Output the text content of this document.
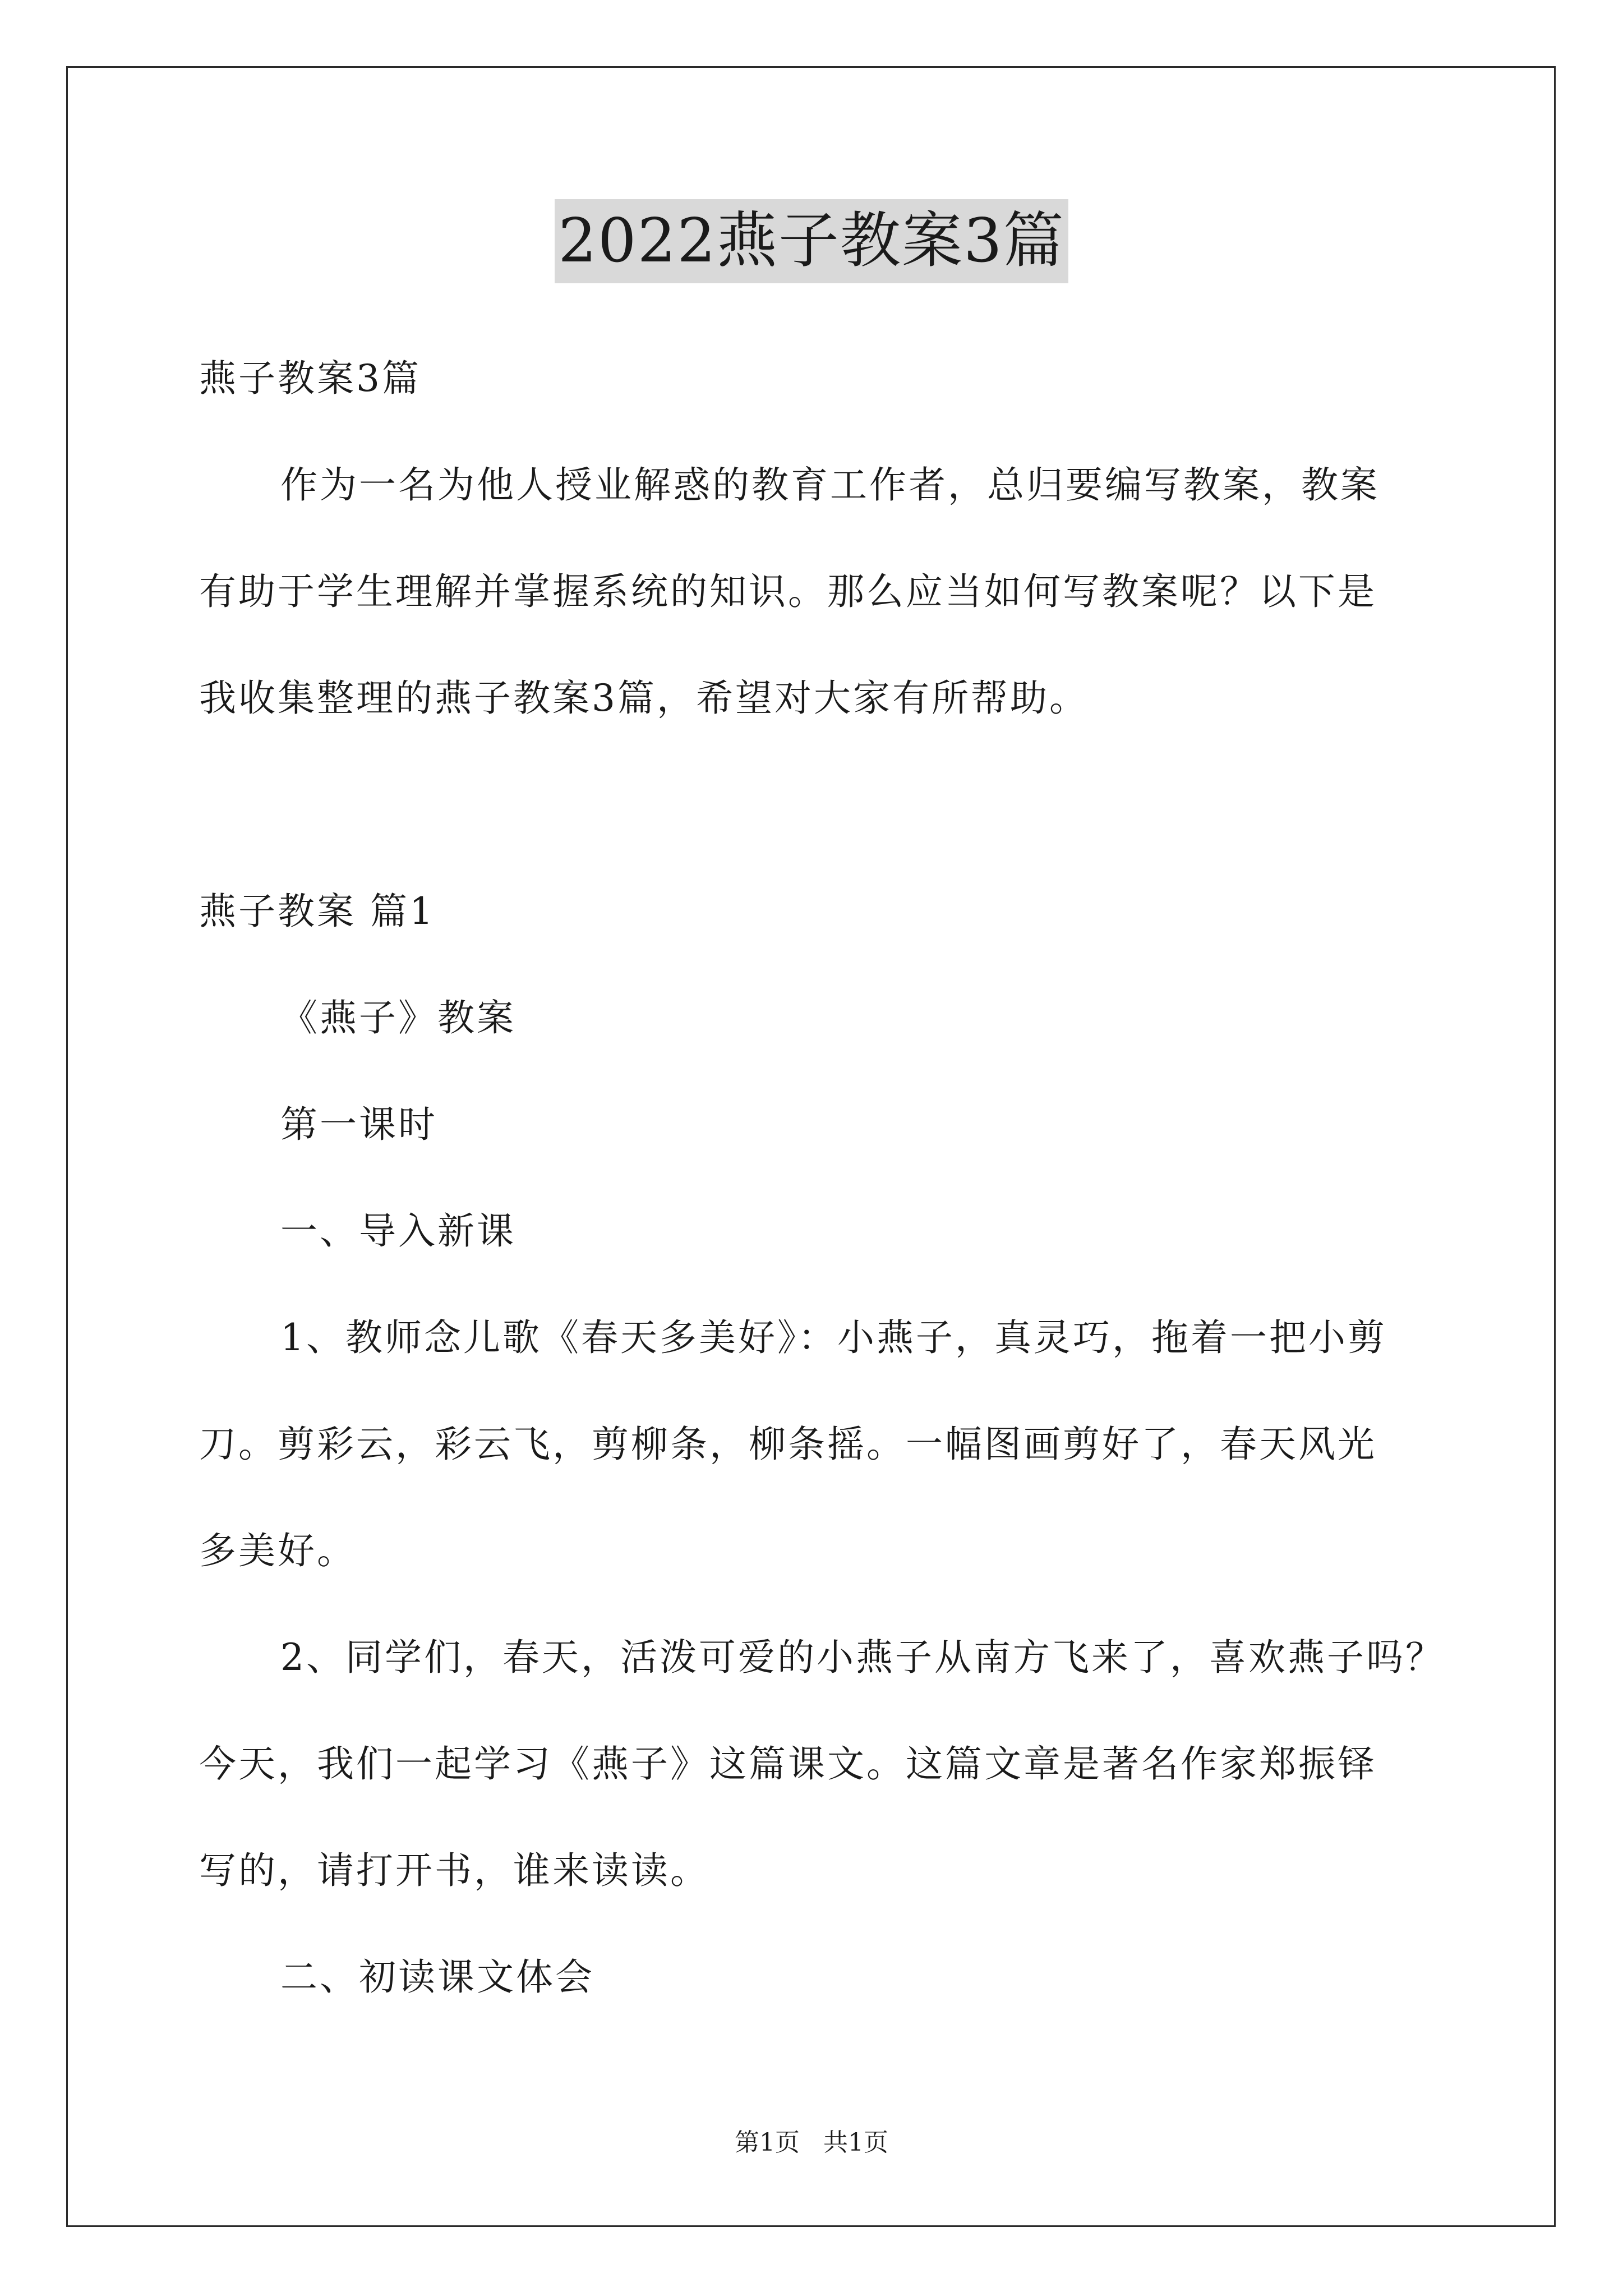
2022燕子教案3篇
燕子教案3篇
作为一名为他人授业解惑的教育工作者，总归要编写教案，教案
有助于学生理解并掌握系统的知识。那么应当如何写教案呢？以下是
我收集整理的燕子教案3篇，希望对大家有所帮助。
燕子教案 篇1
《燕子》教案
第一课时
一、导入新课
1、教师念儿歌《春天多美好》：小燕子，真灵巧，拖着一把小剪
刀。剪彩云，彩云飞，剪柳条，柳条摇。一幅图画剪好了，春天风光
多美好。
2、同学们，春天，活泼可爱的小燕子从南方飞来了，喜欢燕子吗？
今天，我们一起学习《燕子》这篇课文。这篇文章是著名作家郑振铎
写的，请打开书，谁来读读。
二、初读课文体会
第1页   共1页
